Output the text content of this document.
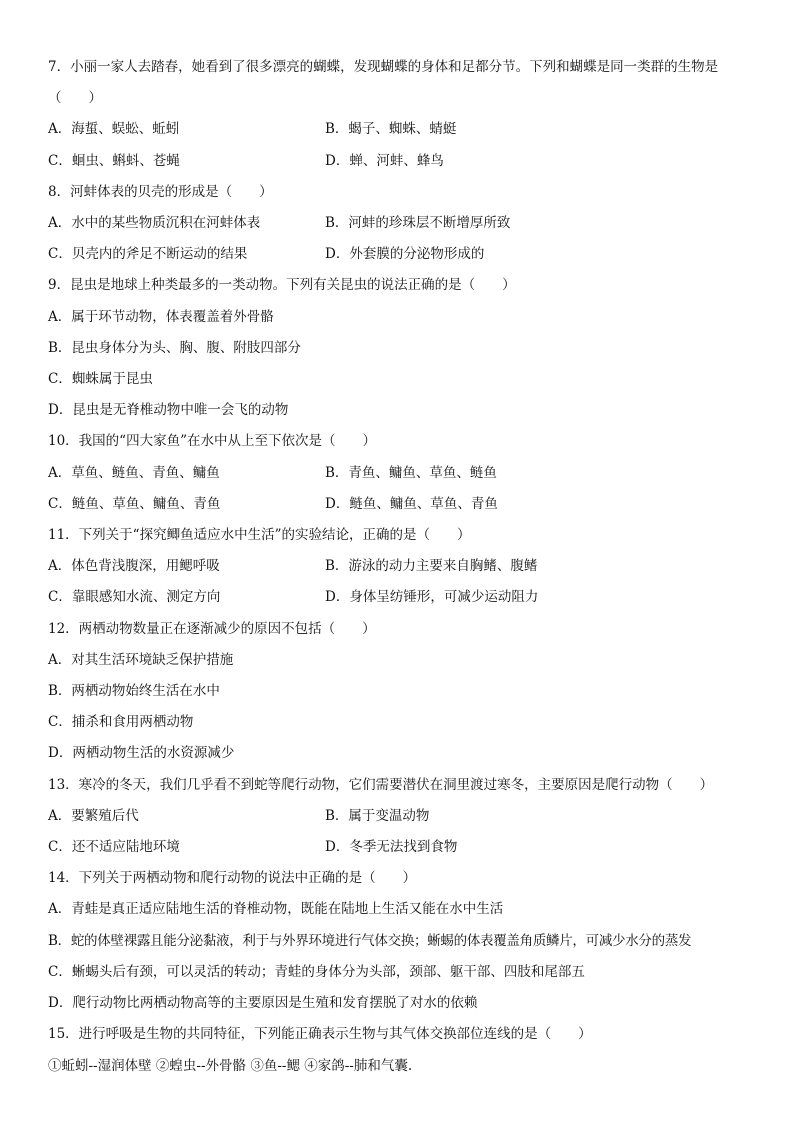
7．小丽一家人去踏春，她看到了很多漂亮的蝴蝶，发现蝴蝶的身体和足都分节。下列和蝴蝶是同一类群的生物是
（　　）
A．海蜇、蜈蚣、蚯蚓	B．蝎子、蜘蛛、蜻蜓
C．蛔虫、蝌蚪、苍蝇	D．蝉、河蚌、蜂鸟
8．河蚌体表的贝壳的形成是（　　）
A．水中的某些物质沉积在河蚌体表	B．河蚌的珍珠层不断增厚所致
C．贝壳内的斧足不断运动的结果	D．外套膜的分泌物形成的
9．昆虫是地球上种类最多的一类动物。下列有关昆虫的说法正确的是（　　）
A．属于环节动物，体表覆盖着外骨骼
B．昆虫身体分为头、胸、腹、附肢四部分
C．蜘蛛属于昆虫
D．昆虫是无脊椎动物中唯一会飞的动物
10．我国的“四大家鱼”在水中从上至下依次是（　　）
A．草鱼、鲢鱼、青鱼、鳙鱼	B．青鱼、鳙鱼、草鱼、鲢鱼
C．鲢鱼、草鱼、鳙鱼、青鱼	D．鲢鱼、鳙鱼、草鱼、青鱼
11．下列关于“探究鲫鱼适应水中生活”的实验结论，正确的是（　　）
A．体色背浅腹深，用鳃呼吸	B．游泳的动力主要来自胸鳍、腹鳍
C．靠眼感知水流、测定方向	D．身体呈纺锤形，可减少运动阻力
12．两栖动物数量正在逐渐减少的原因不包括（　　）
A．对其生活环境缺乏保护措施
B．两栖动物始终生活在水中
C．捕杀和食用两栖动物
D．两栖动物生活的水资源减少
13．寒冷的冬天，我们几乎看不到蛇等爬行动物，它们需要潜伏在洞里渡过寒冬，主要原因是爬行动物（　　）
A．要繁殖后代	B．属于变温动物
C．还不适应陆地环境	D．冬季无法找到食物
14．下列关于两栖动物和爬行动物的说法中正确的是（　　）
A．青蛙是真正适应陆地生活的脊椎动物，既能在陆地上生活又能在水中生活
B．蛇的体壁裸露且能分泌黏液，利于与外界环境进行气体交换；蜥蜴的体表覆盖角质鳞片，可减少水分的蒸发
C．蜥蜴头后有颈，可以灵活的转动；青蛙的身体分为头部，颈部、躯干部、四肢和尾部五
D．爬行动物比两栖动物高等的主要原因是生殖和发育摆脱了对水的依赖
15．进行呼吸是生物的共同特征，下列能正确表示生物与其气体交换部位连线的是（　　）
①蚯蚓--湿润体壁 ②蝗虫--外骨骼 ③鱼--鳃 ④家鸽--肺和气囊.
